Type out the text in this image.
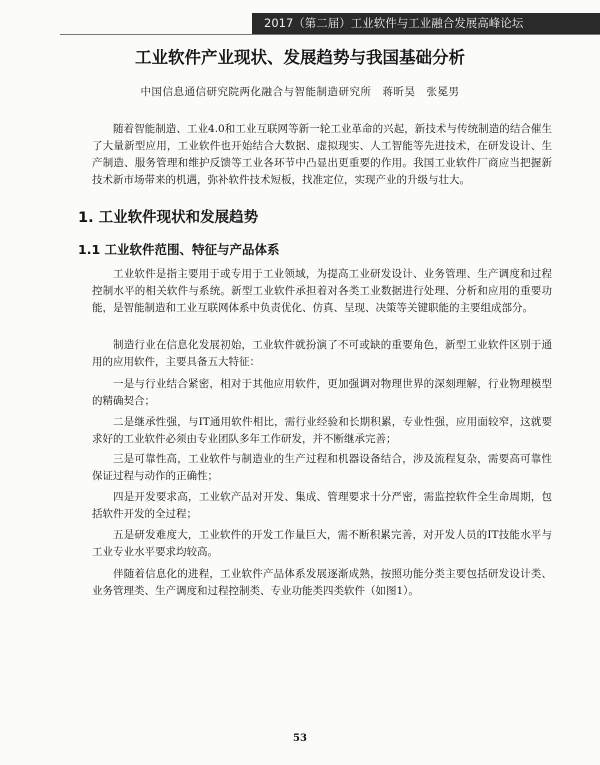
2017（第二届）工业软件与工业融合发展高峰论坛
工业软件产业现状、发展趋势与我国基础分析
中国信息通信研究院两化融合与智能制造研究所　蒋昕昊　张冕男

随着智能制造、工业4.0和工业互联网等新一轮工业革命的兴起，新技术与传统制造的结合催生了大量新型应用，工业软件也开始结合大数据、虚拟现实、人工智能等先进技术，在研发设计、生产制造、服务管理和维护反馈等工业各环节中凸显出更重要的作用。我国工业软件厂商应当把握新技术新市场带来的机遇，弥补软件技术短板，找准定位，实现产业的升级与壮大。

1. 工业软件现状和发展趋势
1.1 工业软件范围、特征与产品体系

工业软件是指主要用于或专用于工业领域，为提高工业研发设计、业务管理、生产调度和过程控制水平的相关软件与系统。新型工业软件承担着对各类工业数据进行处理、分析和应用的重要功能，是智能制造和工业互联网体系中负责优化、仿真、呈现、决策等关键职能的主要组成部分。

制造行业在信息化发展初始，工业软件就扮演了不可或缺的重要角色，新型工业软件区别于通用的应用软件，主要具备五大特征：

一是与行业结合紧密，相对于其他应用软件，更加强调对物理世界的深刻理解，行业物理模型的精确契合；

二是继承性强，与IT通用软件相比，需行业经验和长期积累，专业性强，应用面较窄，这就要求好的工业软件必须由专业团队多年工作研发，并不断继承完善；

三是可靠性高，工业软件与制造业的生产过程和机器设备结合，涉及流程复杂，需要高可靠性保证过程与动作的正确性；

四是开发要求高，工业软产品对开发、集成、管理要求十分严密，需监控软件全生命周期，包括软件开发的全过程；

五是研发难度大，工业软件的开发工作量巨大，需不断积累完善，对开发人员的IT技能水平与工业专业水平要求均较高。

伴随着信息化的进程，工业软件产品体系发展逐渐成熟，按照功能分类主要包括研发设计类、业务管理类、生产调度和过程控制类、专业功能类四类软件（如图1）。

53
